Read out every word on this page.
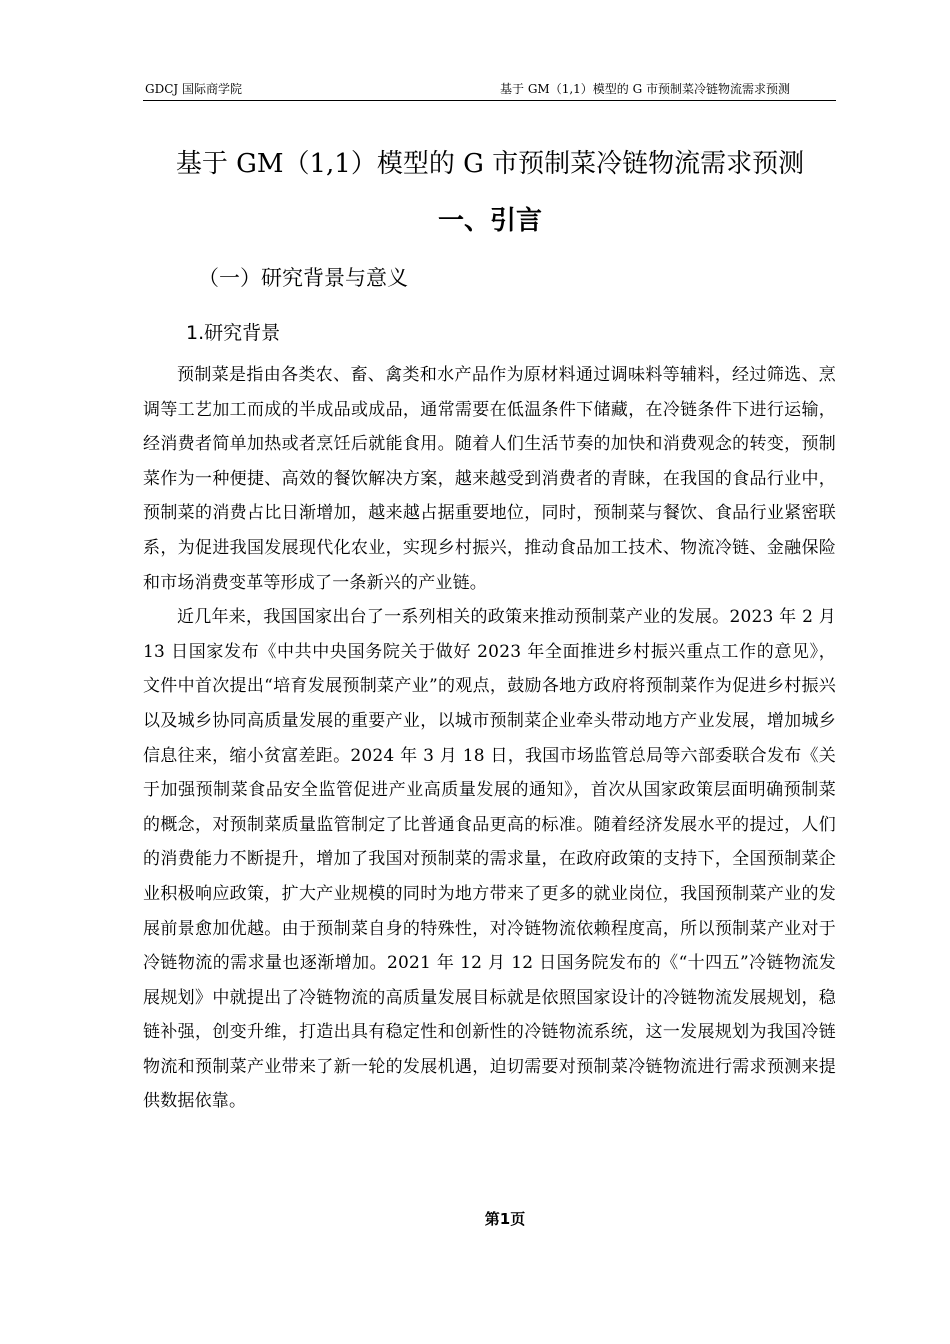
GDCJ 国际商学院	基于 GM（1,1）模型的 G 市预制菜冷链物流需求预测
基于 GM（1,1）模型的 G 市预制菜冷链物流需求预测
一、引言
（一）研究背景与意义
1.研究背景

预制菜是指由各类农、畜、禽类和水产品作为原材料通过调味料等辅料，经过筛选、烹调等工艺加工而成的半成品或成品，通常需要在低温条件下储藏，在冷链条件下进行运输，经消费者简单加热或者烹饪后就能食用。随着人们生活节奏的加快和消费观念的转变，预制菜作为一种便捷、高效的餐饮解决方案，越来越受到消费者的青睐，在我国的食品行业中，预制菜的消费占比日渐增加，越来越占据重要地位，同时，预制菜与餐饮、食品行业紧密联系，为促进我国发展现代化农业，实现乡村振兴，推动食品加工技术、物流冷链、金融保险和市场消费变革等形成了一条新兴的产业链。

近几年来，我国国家出台了一系列相关的政策来推动预制菜产业的发展。2023 年 2 月 13 日国家发布《中共中央国务院关于做好 2023 年全面推进乡村振兴重点工作的意见》，文件中首次提出“培育发展预制菜产业”的观点，鼓励各地方政府将预制菜作为促进乡村振兴以及城乡协同高质量发展的重要产业，以城市预制菜企业牵头带动地方产业发展，增加城乡信息往来，缩小贫富差距。2024 年 3 月 18 日，我国市场监管总局等六部委联合发布《关于加强预制菜食品安全监管促进产业高质量发展的通知》，首次从国家政策层面明确预制菜的概念，对预制菜质量监管制定了比普通食品更高的标准。随着经济发展水平的提过，人们的消费能力不断提升，增加了我国对预制菜的需求量，在政府政策的支持下，全国预制菜企业积极响应政策，扩大产业规模的同时为地方带来了更多的就业岗位，我国预制菜产业的发展前景愈加优越。由于预制菜自身的特殊性，对冷链物流依赖程度高，所以预制菜产业对于冷链物流的需求量也逐渐增加。2021 年 12 月 12 日国务院发布的《“十四五”冷链物流发展规划》中就提出了冷链物流的高质量发展目标就是依照国家设计的冷链物流发展规划，稳链补强，创变升维，打造出具有稳定性和创新性的冷链物流系统，这一发展规划为我国冷链物流和预制菜产业带来了新一轮的发展机遇，迫切需要对预制菜冷链物流进行需求预测来提供数据依靠。

第1页
